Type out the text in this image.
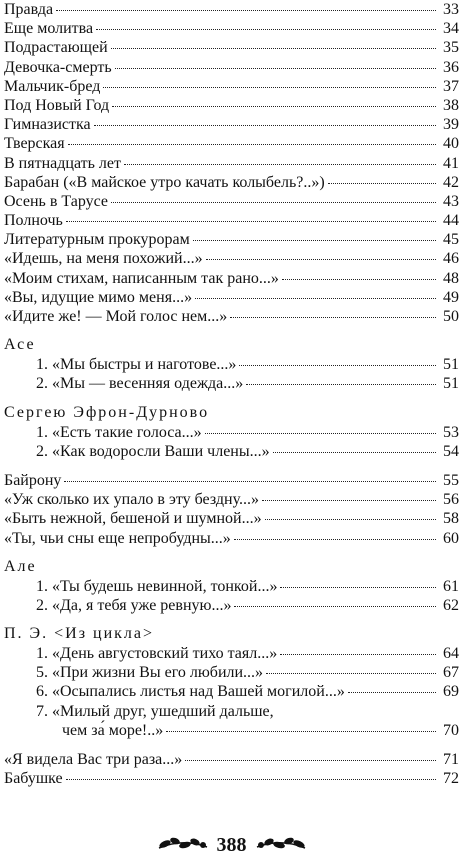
Правда	33
Еще молитва	34
Подрастающей	35
Девочка-смерть	36
Мальчик-бред	37
Под Новый Год	38
Гимназистка	39
Тверская	40
В пятнадцать лет	41
Барабан («В майское утро качать колыбель?..»)	42
Осень в Тарусе	43
Полночь	44
Литературным прокурорам	45
«Идешь, на меня похожий...»	46
«Моим стихам, написанным так рано...»	48
«Вы, идущие мимо меня...»	49
«Идите же! — Мой голос нем...»	50
Асе
1. «Мы быстры и наготове...»	51
2. «Мы — весенняя одежда...»	51
Сергею Эфрон-Дурново
1. «Есть такие голоса...»	53
2. «Как водоросли Ваши члены...»	54
Байрону	55
«Уж сколько их упало в эту бездну...»	56
«Быть нежной, бешеной и шумной...»	58
«Ты, чьи сны еще непробудны...»	60
Але
1. «Ты будешь невинной, тонкой...»	61
2. «Да, я тебя уже ревную...»	62
П. Э. <Из цикла>
1. «День августовский тихо таял...»	64
5. «При жизни Вы его любили...»	67
6. «Осыпались листья над Вашей могилой...»	69
7. «Милый друг, ушедший дальше,
чем за́ море!..»	70
«Я видела Вас три раза...»	71
Бабушке	72
388
